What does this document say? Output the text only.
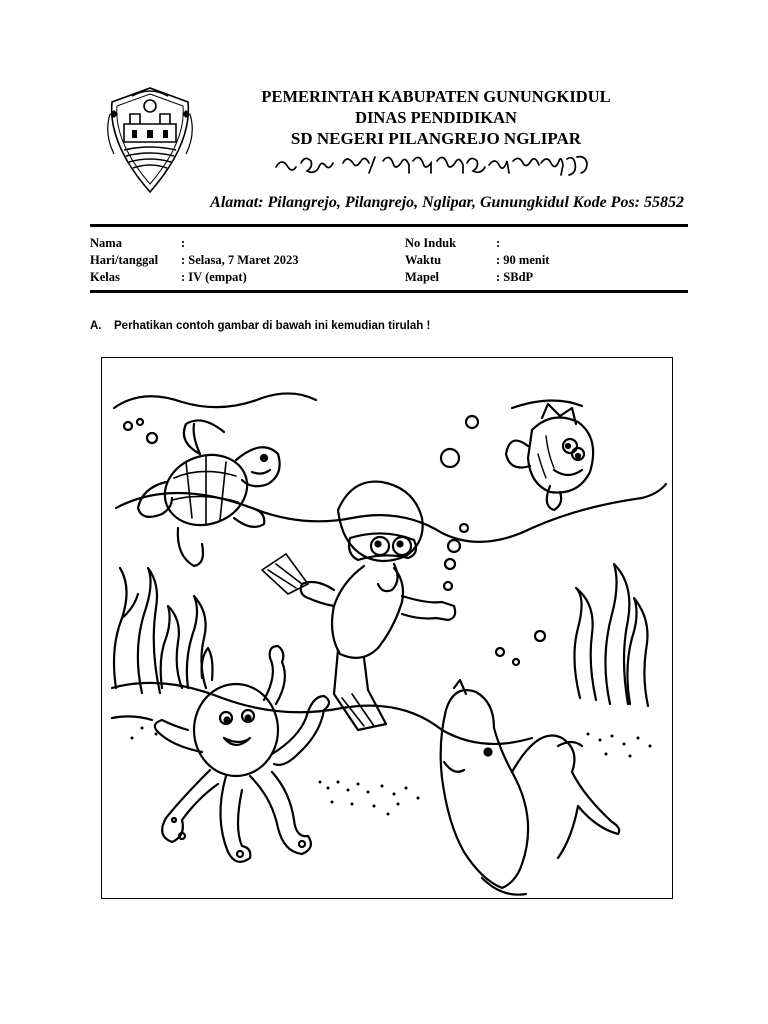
PEMERINTAH KABUPATEN GUNUNGKIDUL
DINAS PENDIDIKAN
SD NEGERI PILANGREJO NGLIPAR
Alamat: Pilangrejo, Pilangrejo, Nglipar, Gunungkidul Kode Pos: 55852
Nama	:	No Induk	:
Hari/tanggal : Selasa, 7 Maret 2023	Waktu	: 90 menit
Kelas	: IV (empat)	Mapel	: SBdP
A. Perhatikan contoh gambar di bawah ini kemudian tirulah !
